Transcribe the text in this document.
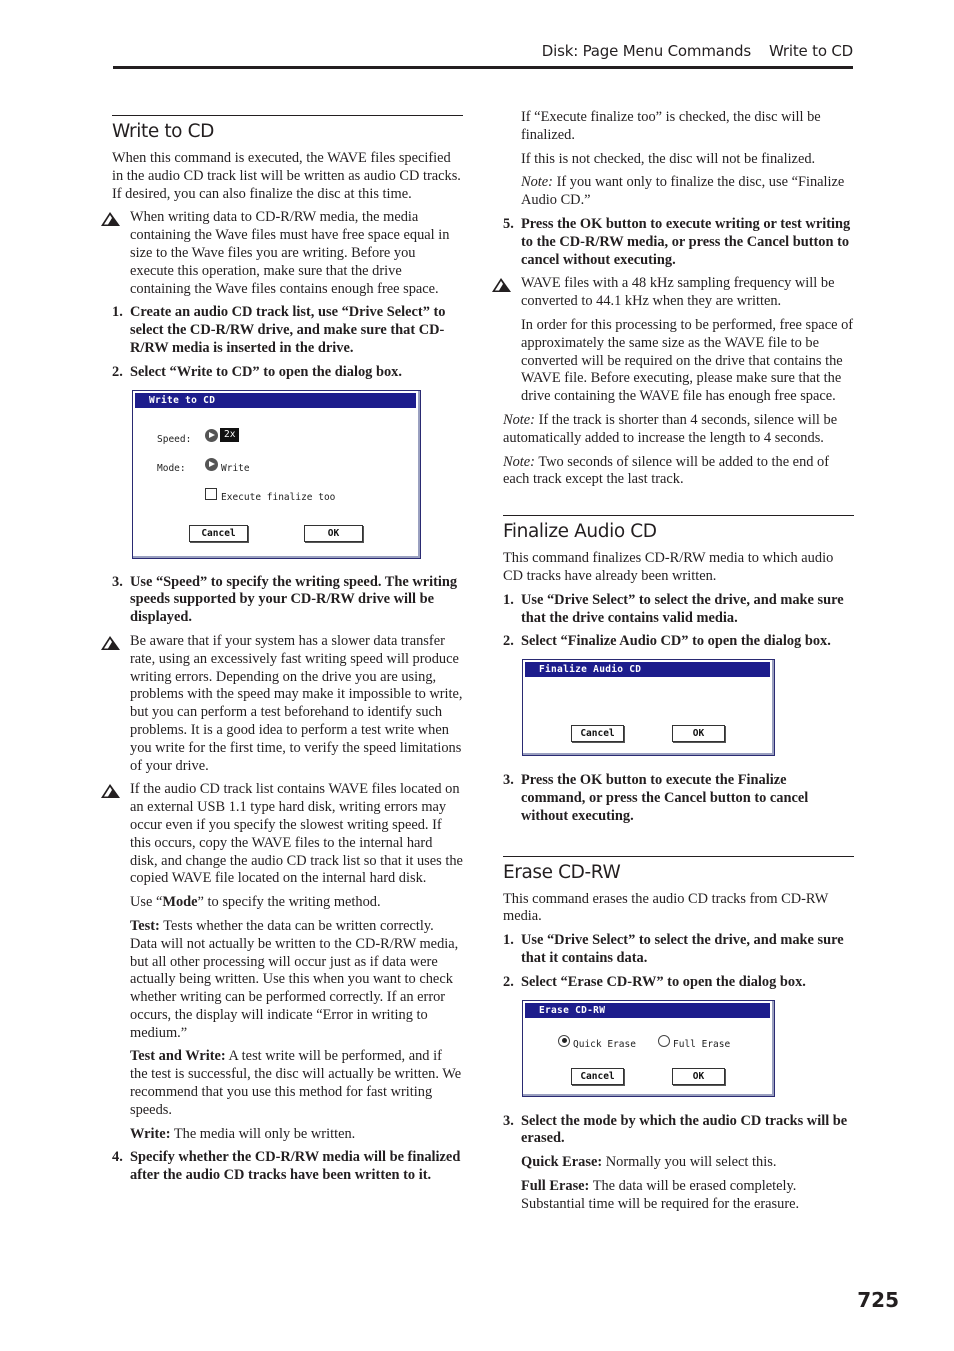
Disk: Page Menu Commands Write to CD
Write to CD

When this command is executed, the WAVE files specified in the audio CD track list will be written as audio CD tracks. If desired, you can also finalize the disc at this time.

When writing data to CD-R/RW media, the media containing the Wave files must have free space equal in size to the Wave files you are writing. Before you execute this operation, make sure that the drive containing the Wave files contains enough free space.
1. Create an audio CD track list, use “Drive Select” to select the CD-R/RW drive, and make sure that CD-R/RW media is inserted in the drive.
2. Select “Write to CD” to open the dialog box.
Write to CD
Speed:	2x
Mode:	Write
Execute finalize too
Cancel	OK
3. Use “Speed” to specify the writing speed. The writing speeds supported by your CD-R/RW drive will be displayed.
Be aware that if your system has a slower data transfer rate, using an excessively fast writing speed will produce writing errors. Depending on the drive you are using, problems with the speed may make it impossible to write, but you can perform a test beforehand to identify such problems. It is a good idea to perform a test write when you write for the first time, to verify the speed limitations of your drive.
If the audio CD track list contains WAVE files located on an external USB 1.1 type hard disk, writing errors may occur even if you specify the slowest writing speed. If this occurs, copy the WAVE files to the internal hard disk, and change the audio CD track list so that it uses the copied WAVE file located on the internal hard disk.

Use “Mode” to specify the writing method.

Test: Tests whether the data can be written correctly. Data will not actually be written to the CD-R/RW media, but all other processing will occur just as if data were actually being written. Use this when you want to check whether writing can be performed correctly. If an error occurs, the display will indicate “Error in writing to medium.”

Test and Write: A test write will be performed, and if the test is successful, the disc will actually be written. We recommend that you use this method for fast writing speeds.

Write: The media will only be written.

4. Specify whether the CD-R/RW media will be finalized after the audio CD tracks have been written to it.

If “Execute finalize too” is checked, the disc will be finalized.

If this is not checked, the disc will not be finalized.

Note: If you want only to finalize the disc, use “Finalize Audio CD.”

5. Press the OK button to execute writing or test writing to the CD-R/RW media, or press the Cancel button to cancel without executing.
WAVE files with a 48 kHz sampling frequency will be converted to 44.1 kHz when they are written.

In order for this processing to be performed, free space of approximately the same size as the WAVE file to be converted will be required on the drive that contains the WAVE file. Before executing, please make sure that the drive containing the WAVE file has enough free space.

Note: If the track is shorter than 4 seconds, silence will be automatically added to increase the length to 4 seconds.

Note: Two seconds of silence will be added to the end of each track except the last track.

Finalize Audio CD

This command finalizes CD-R/RW media to which audio CD tracks have already been written.

1. Use “Drive Select” to select the drive, and make sure that the drive contains valid media.
2. Select “Finalize Audio CD” to open the dialog box.
Finalize Audio CD
Cancel	OK
3. Press the OK button to execute the Finalize command, or press the Cancel button to cancel without executing.
Erase CD-RW

This command erases the audio CD tracks from CD-RW media.

1. Use “Drive Select” to select the drive, and make sure that it contains data.
2. Select “Erase CD-RW” to open the dialog box.
Erase CD-RW
Quick Erase	Full Erase
Cancel	OK
3. Select the mode by which the audio CD tracks will be erased.

Quick Erase: Normally you will select this.

Full Erase: The data will be erased completely. Substantial time will be required for the erasure.

725
